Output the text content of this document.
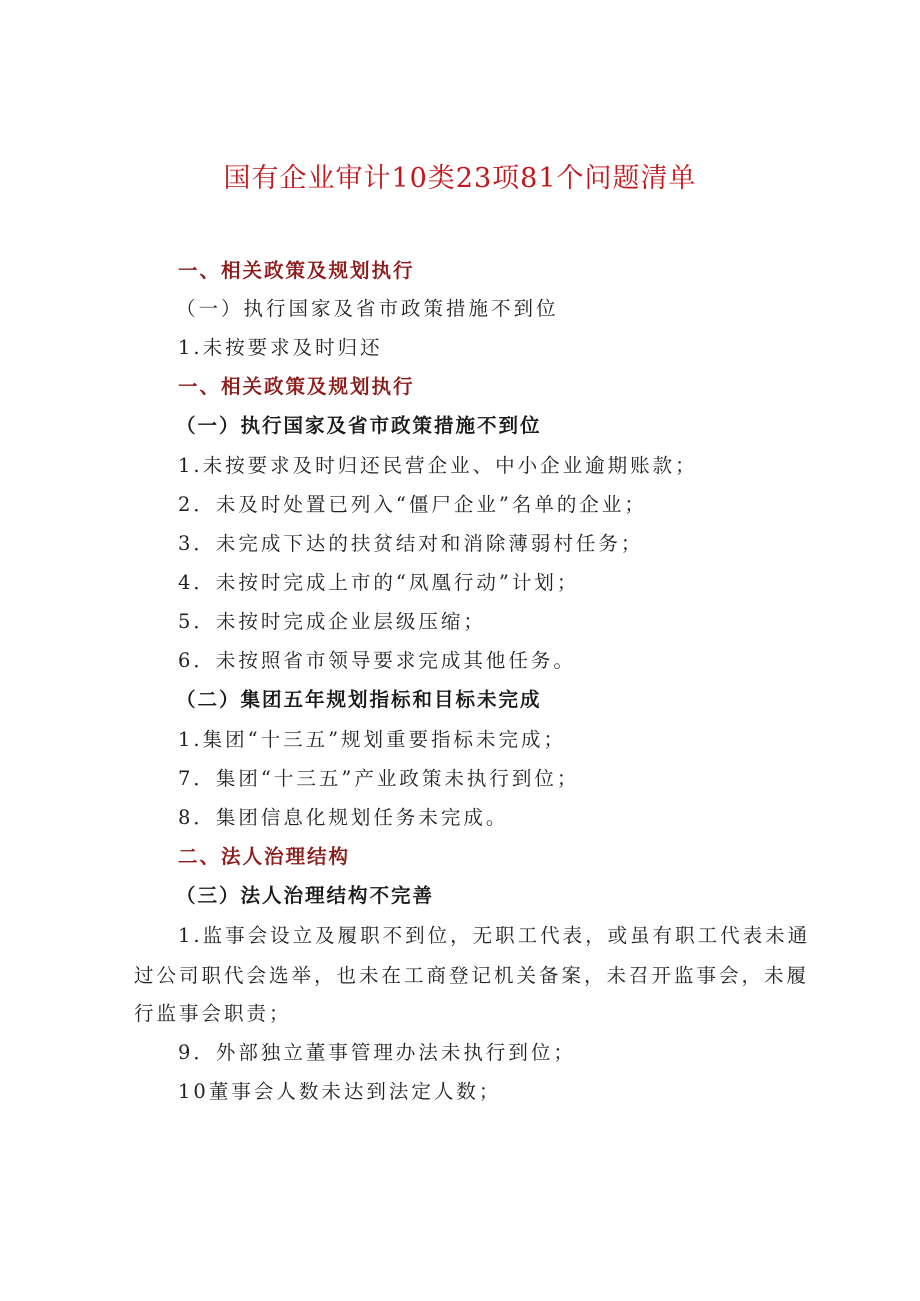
国有企业审计10类23项81个问题清单
一、相关政策及规划执行
（一）执行国家及省市政策措施不到位
1.未按要求及时归还
一、相关政策及规划执行
（一）执行国家及省市政策措施不到位
1.未按要求及时归还民营企业、中小企业逾期账款；
2．未及时处置已列入“僵尸企业”名单的企业；
3．未完成下达的扶贫结对和消除薄弱村任务；
4．未按时完成上市的“凤凰行动”计划；
5．未按时完成企业层级压缩；
6．未按照省市领导要求完成其他任务。
（二）集团五年规划指标和目标未完成
1.集团“十三五”规划重要指标未完成；
7．集团“十三五”产业政策未执行到位；
8．集团信息化规划任务未完成。
二、法人治理结构
（三）法人治理结构不完善
1.监事会设立及履职不到位，无职工代表，或虽有职工代表未通
过公司职代会选举，也未在工商登记机关备案，未召开监事会，未履
行监事会职责；
9．外部独立董事管理办法未执行到位；
10董事会人数未达到法定人数；
